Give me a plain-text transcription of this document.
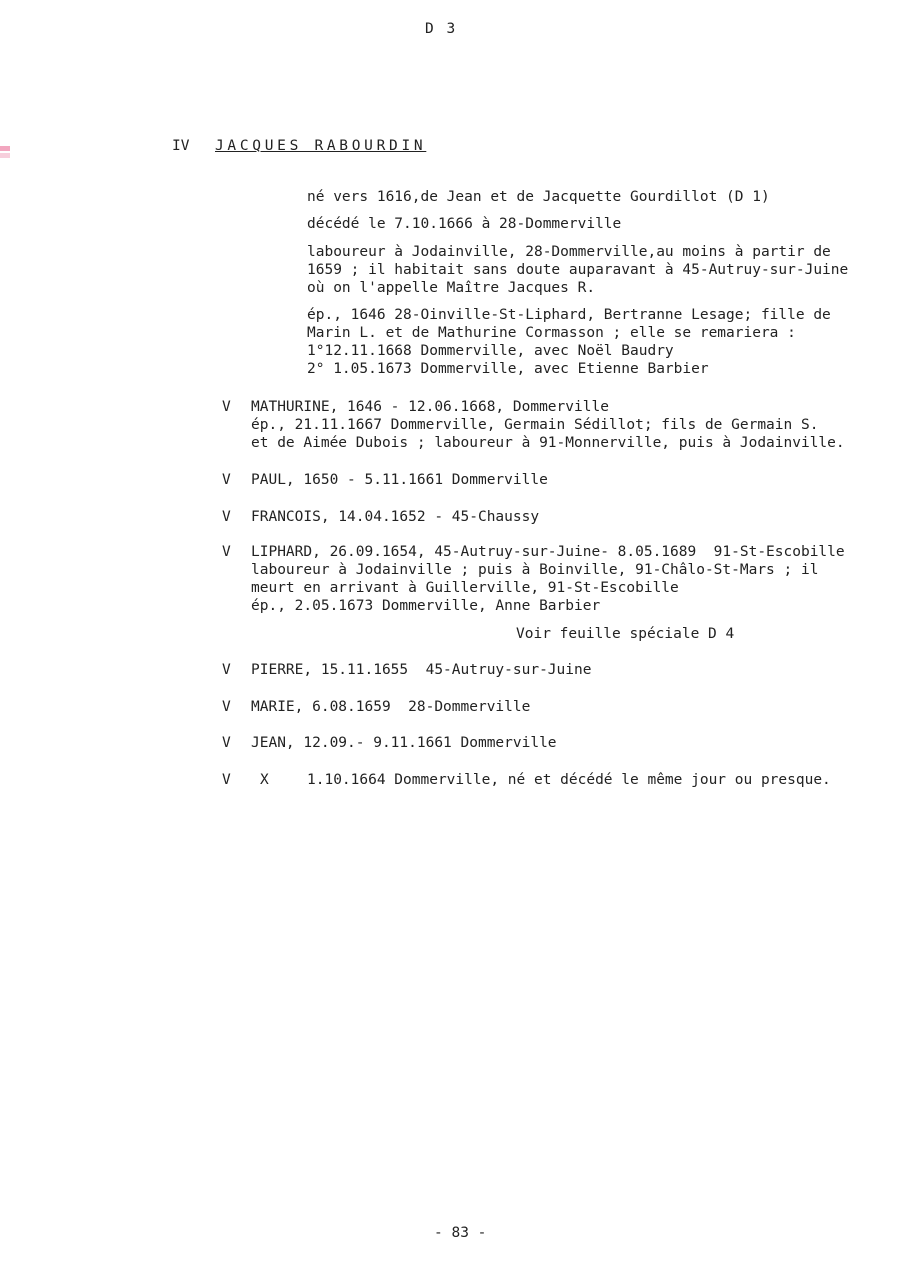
D 3
IV JACQUES RABOURDIN
né vers 1616,de Jean et de Jacquette Gourdillot (D 1)
décédé le 7.10.1666 à 28-Dommerville
laboureur à Jodainville, 28-Dommerville,au moins à partir de
1659 ; il habitait sans doute auparavant à 45-Autruy-sur-Juine
où on l'appelle Maître Jacques R.
ép., 1646 28-Oinville-St-Liphard, Bertranne Lesage; fille de
Marin L. et de Mathurine Cormasson ; elle se remariera :
1°12.11.1668 Dommerville, avec Noël Baudry
2° 1.05.1673 Dommerville, avec Etienne Barbier
V MATHURINE, 1646 - 12.06.1668, Dommerville
ép., 21.11.1667 Dommerville, Germain Sédillot; fils de Germain S.
et de Aimée Dubois ; laboureur à 91-Monnerville, puis à Jodainville.
V PAUL, 1650 - 5.11.1661 Dommerville
V FRANCOIS, 14.04.1652 - 45-Chaussy
V LIPHARD, 26.09.1654, 45-Autruy-sur-Juine- 8.05.1689  91-St-Escobille
laboureur à Jodainville ; puis à Boinville, 91-Châlo-St-Mars ; il
meurt en arrivant à Guillerville, 91-St-Escobille
ép., 2.05.1673 Dommerville, Anne Barbier
Voir feuille spéciale D 4
V PIERRE, 15.11.1655  45-Autruy-sur-Juine
V MARIE, 6.08.1659  28-Dommerville
V JEAN, 12.09.- 9.11.1661 Dommerville
V X	1.10.1664 Dommerville, né et décédé le même jour ou presque.
- 83 -
